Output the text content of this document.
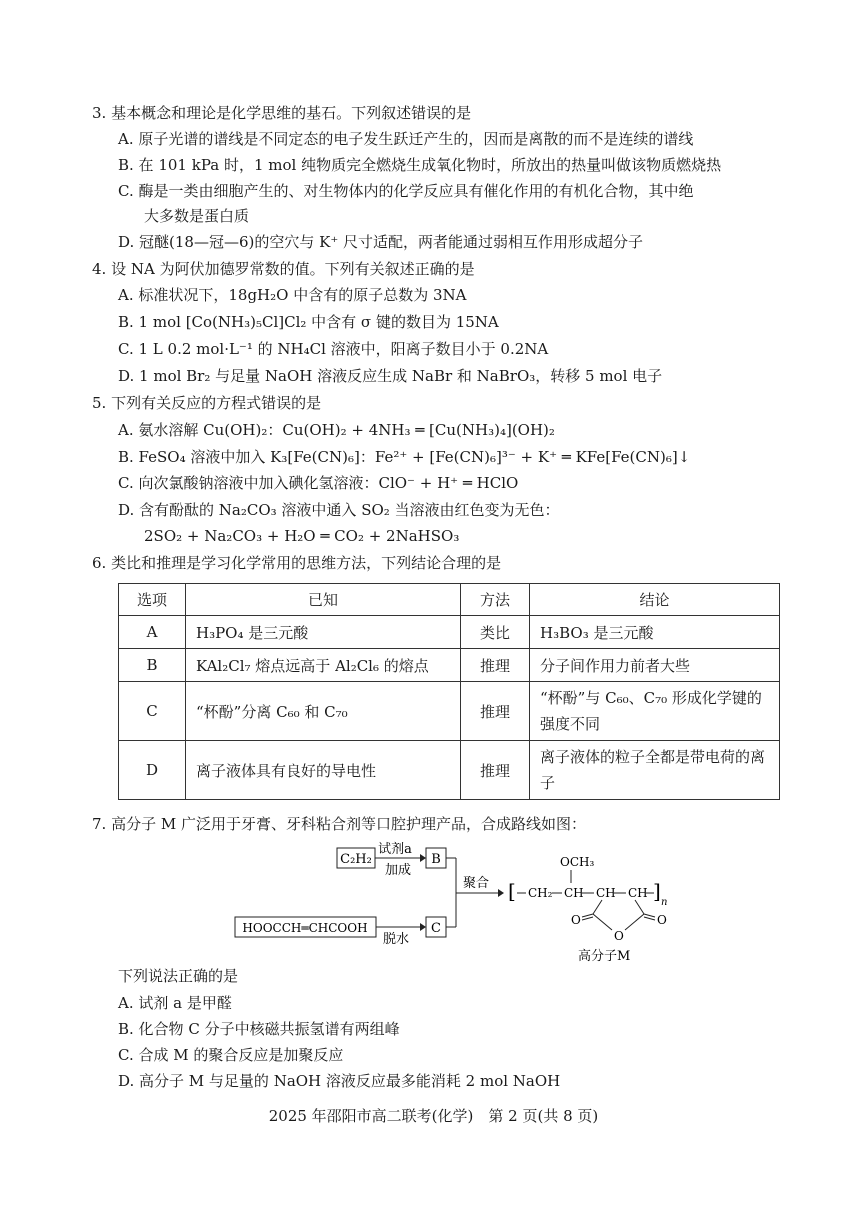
3. 基本概念和理论是化学思维的基石。下列叙述错误的是
A. 原子光谱的谱线是不同定态的电子发生跃迁产生的，因而是离散的而不是连续的谱线
B. 在 101 kPa 时，1 mol 纯物质完全燃烧生成氧化物时，所放出的热量叫做该物质燃烧热
C. 酶是一类由细胞产生的、对生物体内的化学反应具有催化作用的有机化合物，其中绝
大多数是蛋白质
D. 冠醚(18—冠—6)的空穴与 K⁺ 尺寸适配，两者能通过弱相互作用形成超分子
4. 设 NA 为阿伏加德罗常数的值。下列有关叙述正确的是
A. 标准状况下，18gH₂O 中含有的原子总数为 3NA
B. 1 mol [Co(NH₃)₅Cl]Cl₂ 中含有 σ 键的数目为 15NA
C. 1 L 0.2 mol·L⁻¹ 的 NH₄Cl 溶液中，阳离子数目小于 0.2NA
D. 1 mol Br₂ 与足量 NaOH 溶液反应生成 NaBr 和 NaBrO₃，转移 5 mol 电子
5. 下列有关反应的方程式错误的是
A. 氨水溶解 Cu(OH)₂：Cu(OH)₂ + 4NH₃ ═ [Cu(NH₃)₄](OH)₂
B. FeSO₄ 溶液中加入 K₃[Fe(CN)₆]：Fe²⁺ + [Fe(CN)₆]³⁻ + K⁺ ═ KFe[Fe(CN)₆]↓
C. 向次氯酸钠溶液中加入碘化氢溶液：ClO⁻ + H⁺ ═ HClO
D. 含有酚酞的 Na₂CO₃ 溶液中通入 SO₂ 当溶液由红色变为无色：
2SO₂ + Na₂CO₃ + H₂O ═ CO₂ + 2NaHSO₃
6. 类比和推理是学习化学常用的思维方法，下列结论合理的是
选项	已知	方法	结论
A	H₃PO₄ 是三元酸	类比	H₃BO₃ 是三元酸
B	KAl₂Cl₇ 熔点远高于 Al₂Cl₆ 的熔点	推理	分子间作用力前者大些
C	“杯酚”分离 C₆₀ 和 C₇₀	推理	“杯酚”与 C₆₀、C₇₀ 形成化学键的强度不同

D	离子液体具有良好的导电性	推理	离子液体的粒子全都是带电荷的离子
7. 高分子 M 广泛用于牙膏、牙科粘合剂等口腔护理产品，合成路线如图：
C₂H₂
试剂a
加成
B
HOOCCH═CHCOOH
脱水
C
聚合 [ CH₂ CH
OCH₃
CH CH ] n
O	O
O
高分子M
下列说法正确的是
A. 试剂 a 是甲醛
B. 化合物 C 分子中核磁共振氢谱有两组峰
C. 合成 M 的聚合反应是加聚反应
D. 高分子 M 与足量的 NaOH 溶液反应最多能消耗 2 mol NaOH
2025 年邵阳市高二联考(化学)　第 2 页(共 8 页)
